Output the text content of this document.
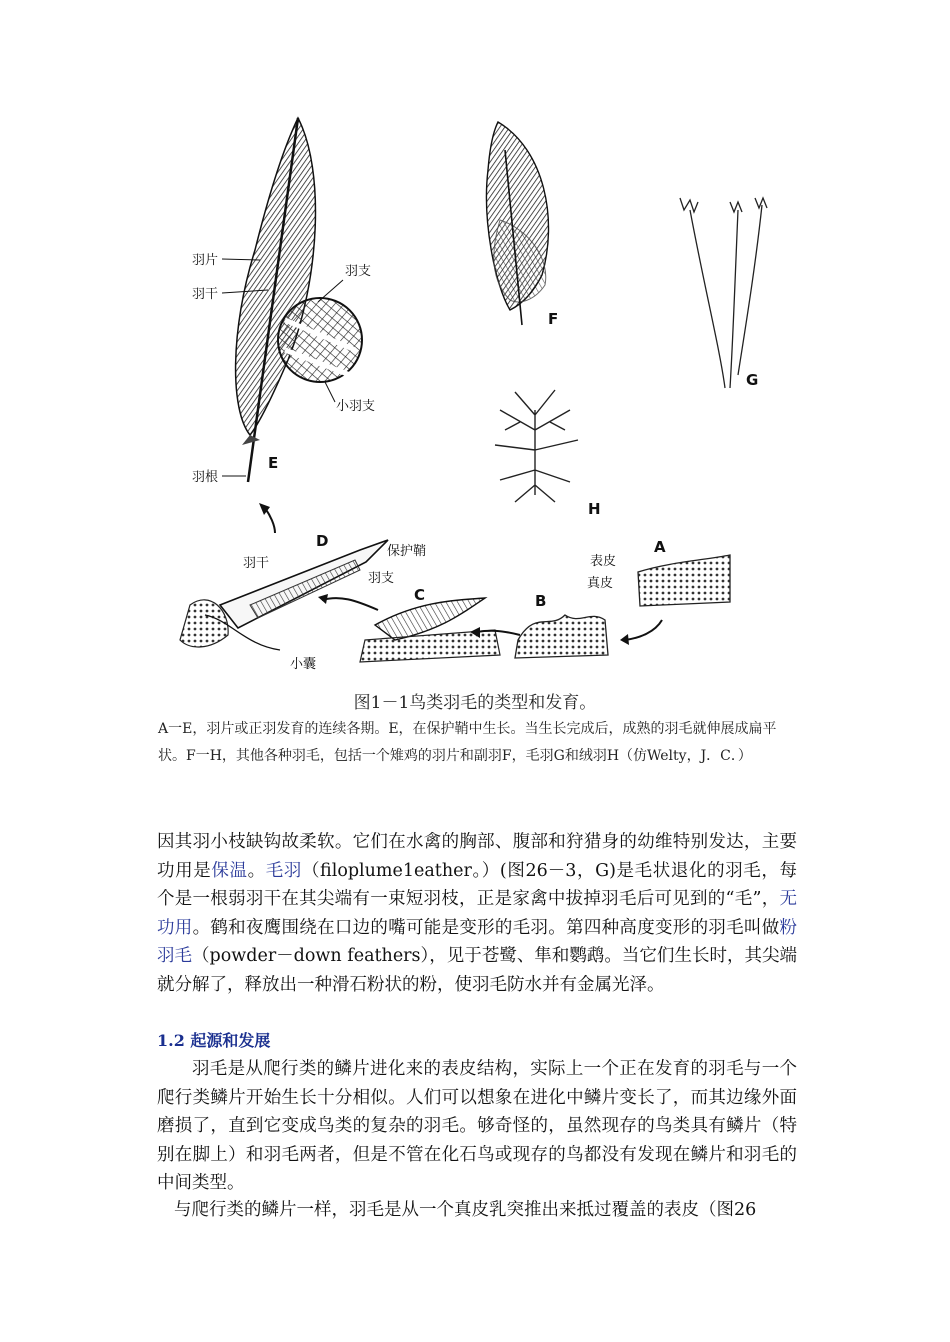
羽片
羽干
羽支
小羽支
羽根
E
F
G
H
D
C	B
A
保护鞘
羽干
羽支
小囊
表皮
真皮
图1－1鸟类羽毛的类型和发育。
A一E，羽片或正羽发育的连续各期。E，在保护鞘中生长。当生长完成后，成熟的羽毛就伸展成扁平状。F一H，其他各种羽毛，包括一个雉鸡的羽片和副羽F，毛羽G和绒羽H（仿Welty，J．C．）
因其羽小枝缺钩故柔软。它们在水禽的胸部、腹部和狩猎身的幼维特别发达，主要功用是保温。毛羽（filoplume1eather。）(图26－3，G)是毛状退化的羽毛，每个是一根弱羽干在其尖端有一束短羽枝，正是家禽中拔掉羽毛后可见到的“毛”，无功用。鹤和夜鹰围绕在口边的嘴可能是变形的毛羽。第四种高度变形的羽毛叫做粉羽毛（powder－down feathers），见于苍鹭、隼和鹦鹉。当它们生长时，其尖端就分解了，释放出一种滑石粉状的粉，使羽毛防水并有金属光泽。
1.2 起源和发展
羽毛是从爬行类的鳞片进化来的表皮结构，实际上一个正在发育的羽毛与一个爬行类鳞片开始生长十分相似。人们可以想象在进化中鳞片变长了，而其边缘外面磨损了，直到它变成鸟类的复杂的羽毛。够奇怪的，虽然现存的鸟类具有鳞片（特别在脚上）和羽毛两者，但是不管在化石鸟或现存的鸟都没有发现在鳞片和羽毛的中间类型。
与爬行类的鳞片一样，羽毛是从一个真皮乳突推出来抵过覆盖的表皮（图26
